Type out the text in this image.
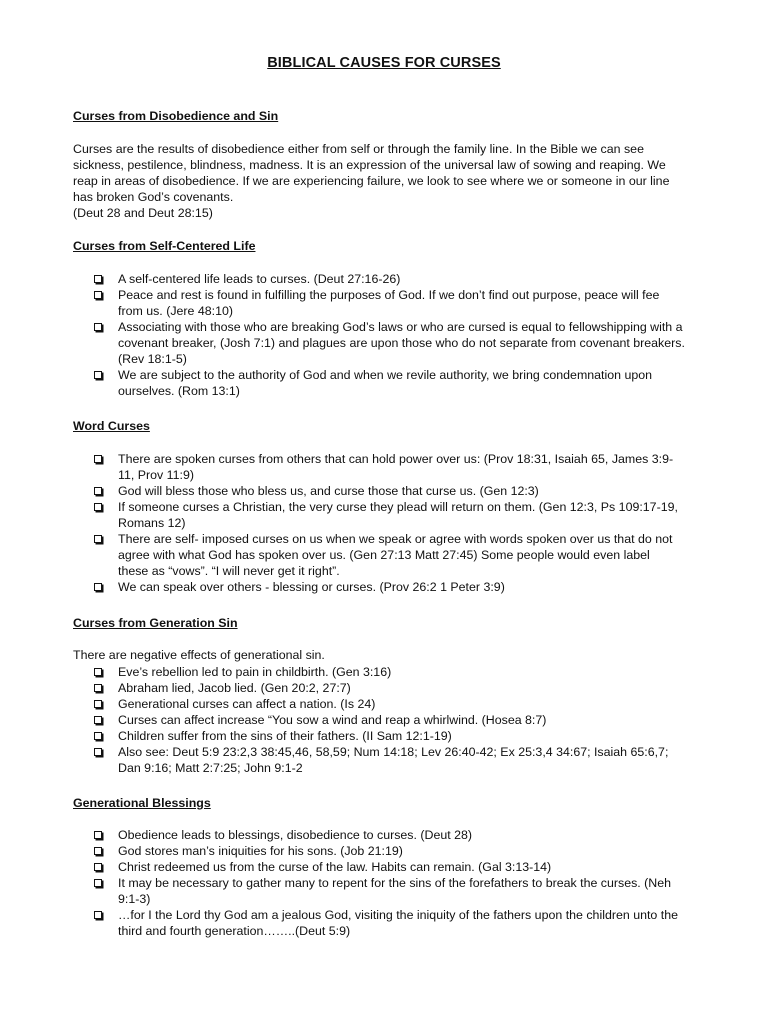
BIBLICAL CAUSES FOR CURSES
Curses from Disobedience and Sin
Curses are the results of disobedience either from self or through the family line. In the Bible we can see
sickness, pestilence, blindness, madness. It is an expression of the universal law of sowing and reaping. We
reap in areas of disobedience. If we are experiencing failure, we look to see where we or someone in our line
has broken God’s covenants.
(Deut 28 and Deut 28:15)
Curses from Self-Centered Life
A self-centered life leads to curses. (Deut 27:16-26)
Peace and rest is found in fulfilling the purposes of God. If we don’t find out purpose, peace will fee
from us. (Jere 48:10)
Associating with those who are breaking God’s laws or who are cursed is equal to fellowshipping with a
covenant breaker, (Josh 7:1) and plagues are upon those who do not separate from covenant breakers.
(Rev 18:1-5)
We are subject to the authority of God and when we revile authority, we bring condemnation upon
ourselves. (Rom 13:1)
Word Curses
There are spoken curses from others that can hold power over us: (Prov 18:31, Isaiah 65, James 3:9-
11, Prov 11:9)
God will bless those who bless us, and curse those that curse us. (Gen 12:3)
If someone curses a Christian, the very curse they plead will return on them. (Gen 12:3, Ps 109:17-19,
Romans 12)
There are self- imposed curses on us when we speak or agree with words spoken over us that do not
agree with what God has spoken over us. (Gen 27:13 Matt 27:45) Some people would even label
these as “vows”. “I will never get it right”.
We can speak over others - blessing or curses. (Prov 26:2 1 Peter 3:9)
Curses from Generation Sin
There are negative effects of generational sin.
Eve’s rebellion led to pain in childbirth. (Gen 3:16)
Abraham lied, Jacob lied. (Gen 20:2, 27:7)
Generational curses can affect a nation. (Is 24)
Curses can affect increase “You sow a wind and reap a whirlwind. (Hosea 8:7)
Children suffer from the sins of their fathers. (II Sam 12:1-19)
Also see: Deut 5:9 23:2,3 38:45,46, 58,59; Num 14:18; Lev 26:40-42; Ex 25:3,4 34:67; Isaiah 65:6,7;
Dan 9:16; Matt 2:7:25; John 9:1-2
Generational Blessings
Obedience leads to blessings, disobedience to curses. (Deut 28)
God stores man’s iniquities for his sons. (Job 21:19)
Christ redeemed us from the curse of the law. Habits can remain. (Gal 3:13-14)
It may be necessary to gather many to repent for the sins of the forefathers to break the curses. (Neh
9:1-3)
…for I the Lord thy God am a jealous God, visiting the iniquity of the fathers upon the children unto the
third and fourth generation……..(Deut 5:9)
